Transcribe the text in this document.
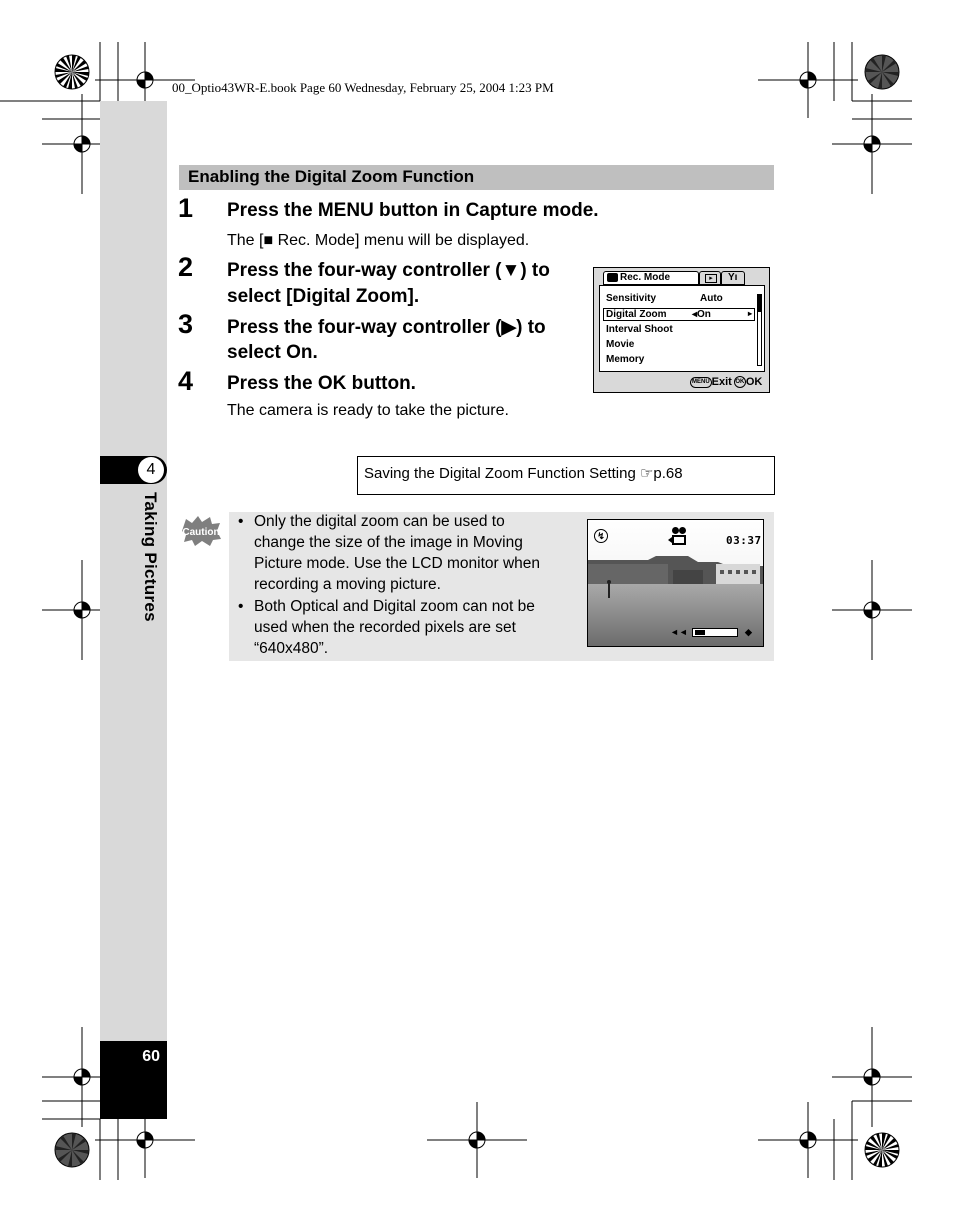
00_Optio43WR-E.book Page 60 Wednesday, February 25, 2004 1:23 PM
4
Taking Pictures
60
Enabling the Digital Zoom Function
1 Press the MENU button in Capture mode.
The [■ Rec. Mode] menu will be displayed.
2 Press the four-way controller (▼) to
select [Digital Zoom].
3 Press the four-way controller (▶) to
select On.
4 Press the OK button.
The camera is ready to take the picture.
Rec. Mode	▸	Yı
Sensitivity	Auto
Digital Zoom	◂On	▸
Interval Shoot
Movie
Memory
MENU Exit OK OK
Saving the Digital Zoom Function Setting ☞p.68
Caution
• Only the digital zoom can be used to
change the size of the image in Moving
Picture mode. Use the LCD monitor when
recording a moving picture.
• Both Optical and Digital zoom can not be
used when the recorded pixels are set
“640x480”.
↯
◄◄	◆
03:37
